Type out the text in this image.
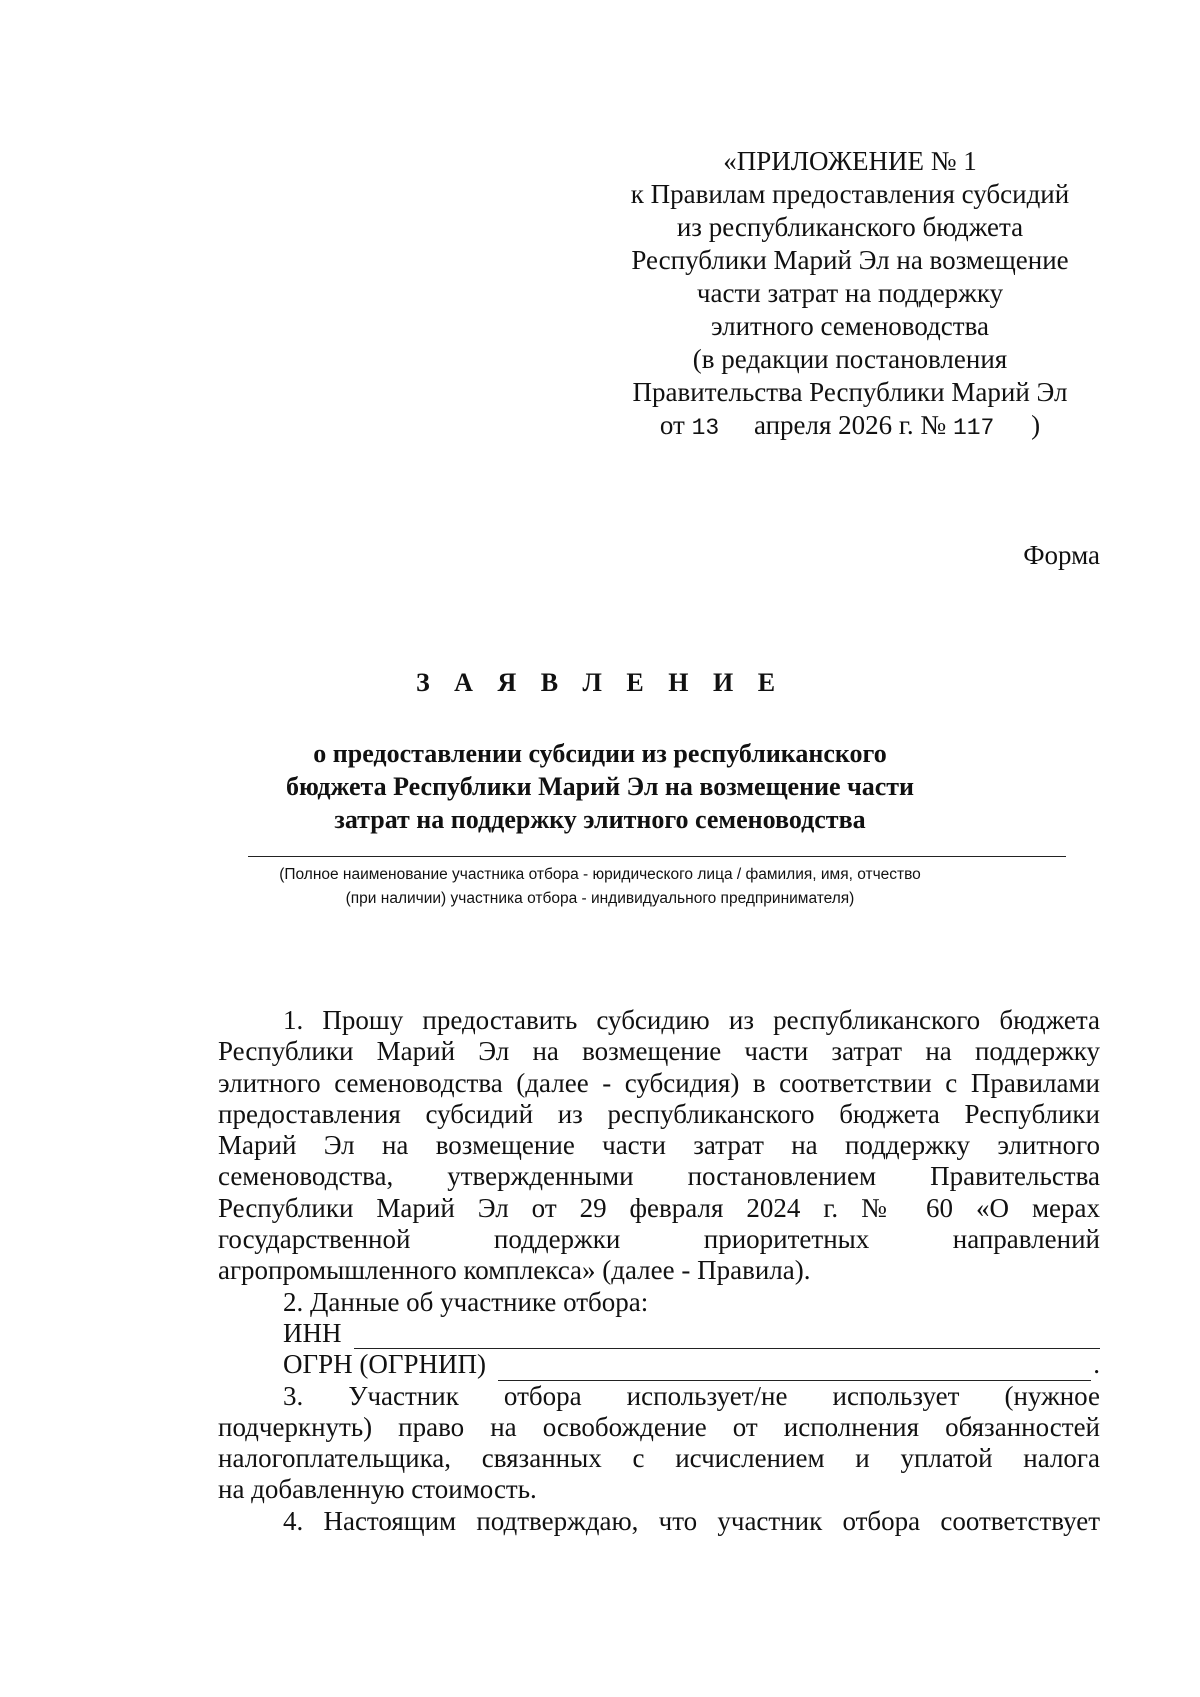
«ПРИЛОЖЕНИЕ № 1
к Правилам предоставления субсидий
из республиканского бюджета
Республики Марий Эл на возмещение
части затрат на поддержку
элитного семеноводства
(в редакции постановления
Правительства Республики Марий Эл
от 13 апреля 2026 г. № 117 )
Форма
З А Я В Л Е Н И Е
о предоставлении субсидии из республиканского
бюджета Республики Марий Эл на возмещение части
затрат на поддержку элитного семеноводства
(Полное наименование участника отбора - юридического лица / фамилия, имя, отчество
(при наличии) участника отбора - индивидуального предпринимателя)
1. Прошу предоставить субсидию из республиканского бюджета
Республики Марий Эл на возмещение части затрат на поддержку
элитного семеноводства (далее - субсидия) в соответствии с Правилами
предоставления субсидий из республиканского бюджета Республики
Марий Эл на возмещение части затрат на поддержку элитного
семеноводства, утвержденными постановлением Правительства
Республики Марий Эл от 29 февраля 2024 г. № 60 «О мерах
государственной поддержки приоритетных направлений
агропромышленного комплекса» (далее - Правила).
2. Данные об участнике отбора:
ИНН
ОГРН (ОГРНИП)	.
3. Участник отбора использует/не использует (нужное
подчеркнуть) право на освобождение от исполнения обязанностей
налогоплательщика, связанных с исчислением и уплатой налога
на добавленную стоимость.
4. Настоящим подтверждаю, что участник отбора соответствует
